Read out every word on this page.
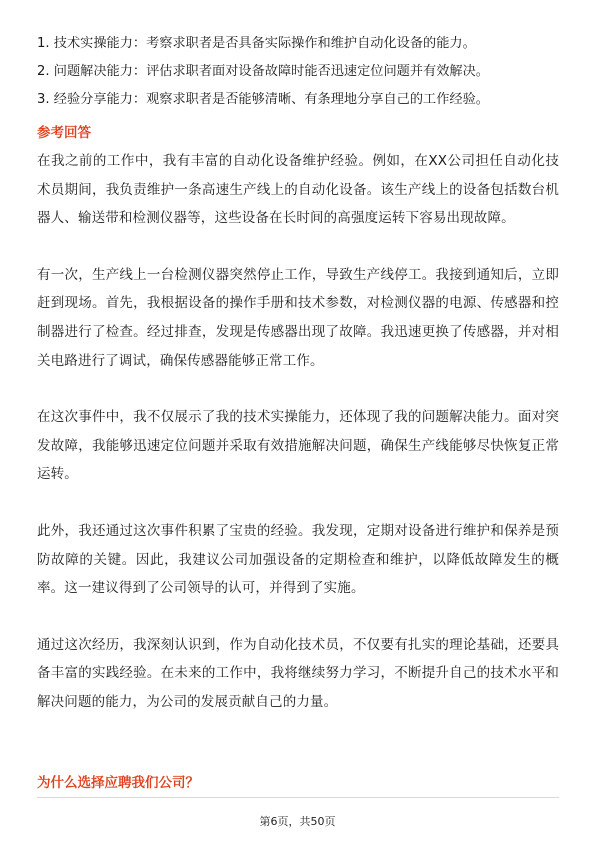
1. 技术实操能力：考察求职者是否具备实际操作和维护自动化设备的能力。
2. 问题解决能力：评估求职者面对设备故障时能否迅速定位问题并有效解决。
3. 经验分享能力：观察求职者是否能够清晰、有条理地分享自己的工作经验。
参考回答

在我之前的工作中，我有丰富的自动化设备维护经验。例如，在XX公司担任自动化技术员期间，我负责维护一条高速生产线上的自动化设备。该生产线上的设备包括数台机器人、输送带和检测仪器等，这些设备在长时间的高强度运转下容易出现故障。

有一次，生产线上一台检测仪器突然停止工作，导致生产线停工。我接到通知后，立即赶到现场。首先，我根据设备的操作手册和技术参数，对检测仪器的电源、传感器和控制器进行了检查。经过排查，发现是传感器出现了故障。我迅速更换了传感器，并对相关电路进行了调试，确保传感器能够正常工作。

在这次事件中，我不仅展示了我的技术实操能力，还体现了我的问题解决能力。面对突发故障，我能够迅速定位问题并采取有效措施解决问题，确保生产线能够尽快恢复正常运转。

此外，我还通过这次事件积累了宝贵的经验。我发现，定期对设备进行维护和保养是预防故障的关键。因此，我建议公司加强设备的定期检查和维护，以降低故障发生的概率。这一建议得到了公司领导的认可，并得到了实施。

通过这次经历，我深刻认识到，作为自动化技术员，不仅要有扎实的理论基础，还要具备丰富的实践经验。在未来的工作中，我将继续努力学习，不断提升自己的技术水平和解决问题的能力，为公司的发展贡献自己的力量。

为什么选择应聘我们公司？
第6页，共50页
